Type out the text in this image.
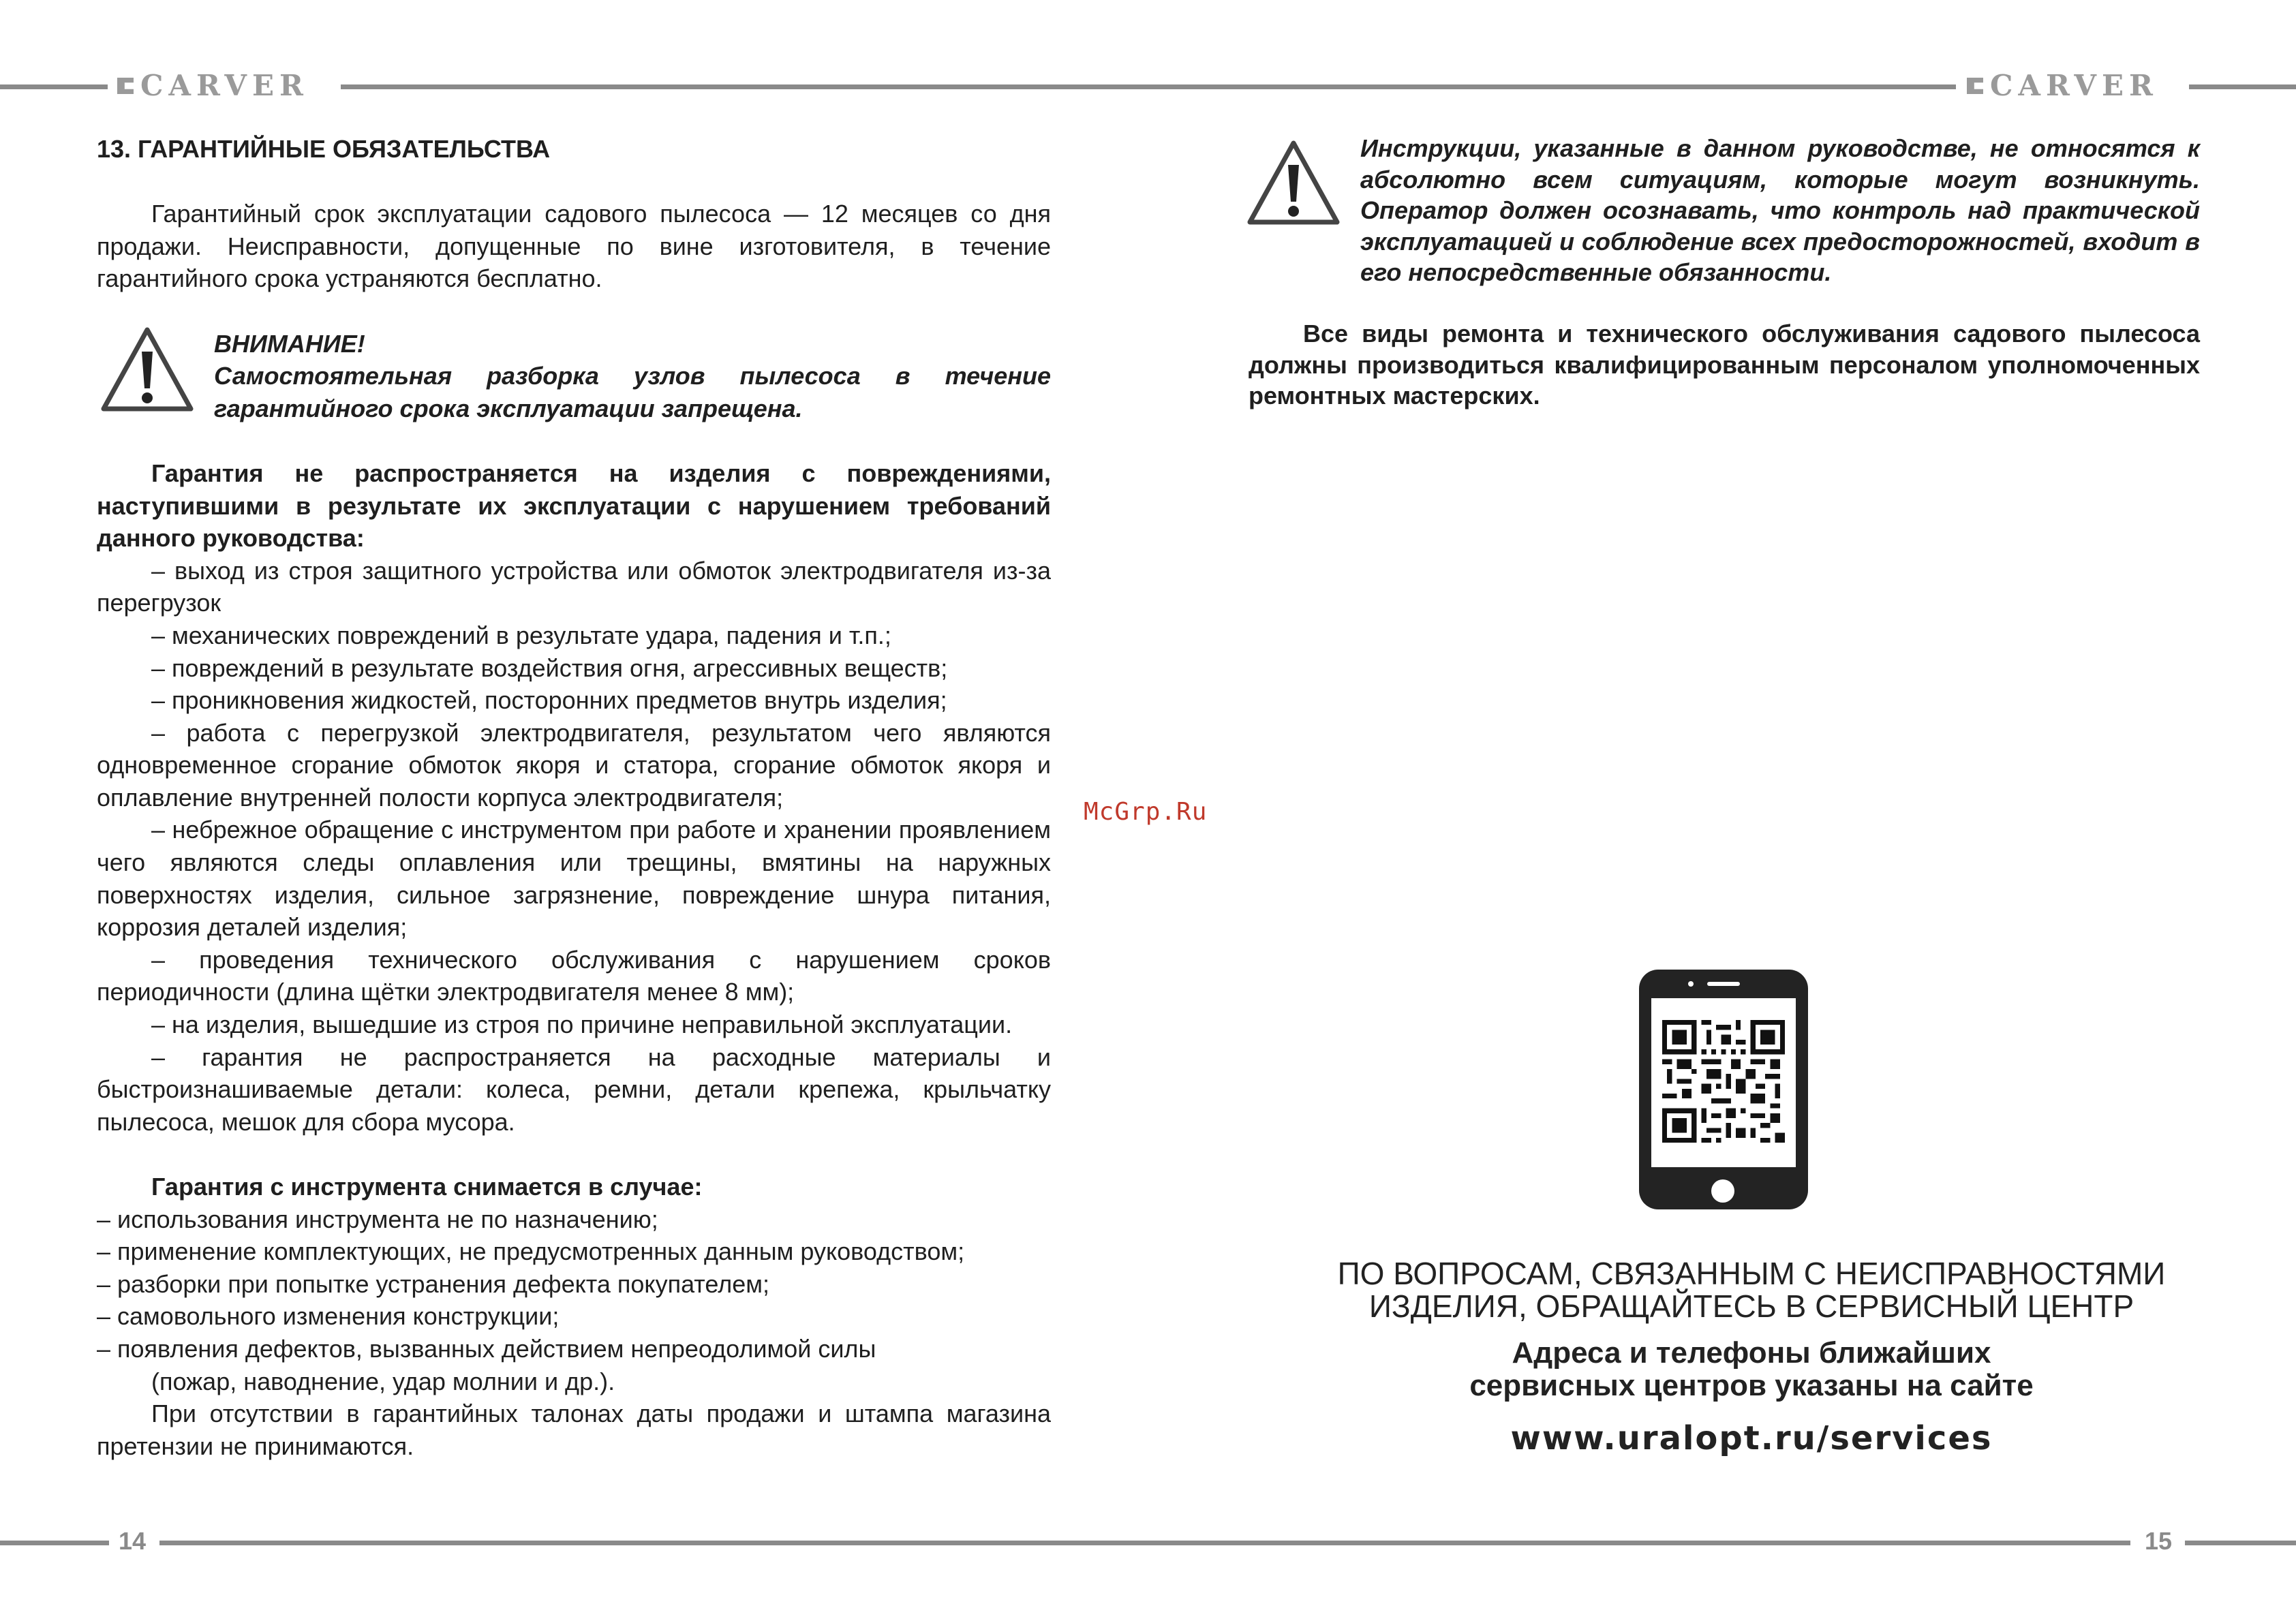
CARVER	CARVER
14	15

13. ГАРАНТИЙНЫЕ ОБЯЗАТЕЛЬСТВА

Гарантийный срок эксплуатации садового пылесоса — 12 месяцев со дня продажи. Неисправности, допущенные по вине изготовителя, в течение гарантийного срока устраняются бесплатно.

ВНИМАНИЕ!

Самостоятельная разборка узлов пылесоса в течение гарантийного срока эксплуатации запрещена.

Гарантия не распространяется на изделия с повреждениями, наступившими в результате их эксплуатации с нарушением требований данного руководства:

– выход из строя защитного устройства или обмоток электродвигателя из-за перегрузок

– механических повреждений в результате удара, падения и т.п.;

– повреждений в результате воздействия огня, агрессивных веществ;

– проникновения жидкостей, посторонних предметов внутрь изделия;

– работа с перегрузкой электродвигателя, результатом чего являются одновременное сгорание обмоток якоря и статора, сгорание обмоток якоря и оплавление внутренней полости корпуса электродвигателя;

– небрежное обращение с инструментом при работе и хранении проявлением чего являются следы оплавления или трещины, вмятины на наружных поверхностях изделия, сильное загрязнение, повреждение шнура питания, коррозия деталей изделия;

– проведения технического обслуживания с нарушением сроков периодичности (длина щётки электродвигателя менее 8 мм);

– на изделия, вышедшие из строя по причине неправильной эксплуатации.

– гарантия не распространяется на расходные материалы и быстроизнашиваемые детали: колеса, ремни, детали крепежа, крыльчатку пылесоса, мешок для сбора мусора.

Гарантия с инструмента снимается в случае:

– использования инструмента не по назначению;

– применение комплектующих, не предусмотренных данным руководством;

– разборки при попытке устранения дефекта покупателем;

– самовольного изменения конструкции;

– появления дефектов, вызванных действием непреодолимой силы

(пожар, наводнение, удар молнии и др.).

При отсутствии в гарантийных талонах даты продажи и штампа магазина претензии не принимаются.

Инструкции, указанные в данном руководстве, не относятся к абсолютно всем ситуациям, которые могут возникнуть. Оператор должен осознавать, что контроль над практической эксплуатацией и соблюдение всех предосторожностей, входит в его непосредственные обязанности.

Все виды ремонта и технического обслуживания садового пылесоса должны производиться квалифицированным персоналом уполномоченных ремонтных мастерских.

McGrp.Ru
ПО ВОПРОСАМ, СВЯЗАННЫМ С НЕИСПРАВНОСТЯМИ
ИЗДЕЛИЯ, ОБРАЩАЙТЕСЬ В СЕРВИСНЫЙ ЦЕНТР
Адреса и телефоны ближайших
сервисных центров указаны на сайте
www.uralopt.ru/services
